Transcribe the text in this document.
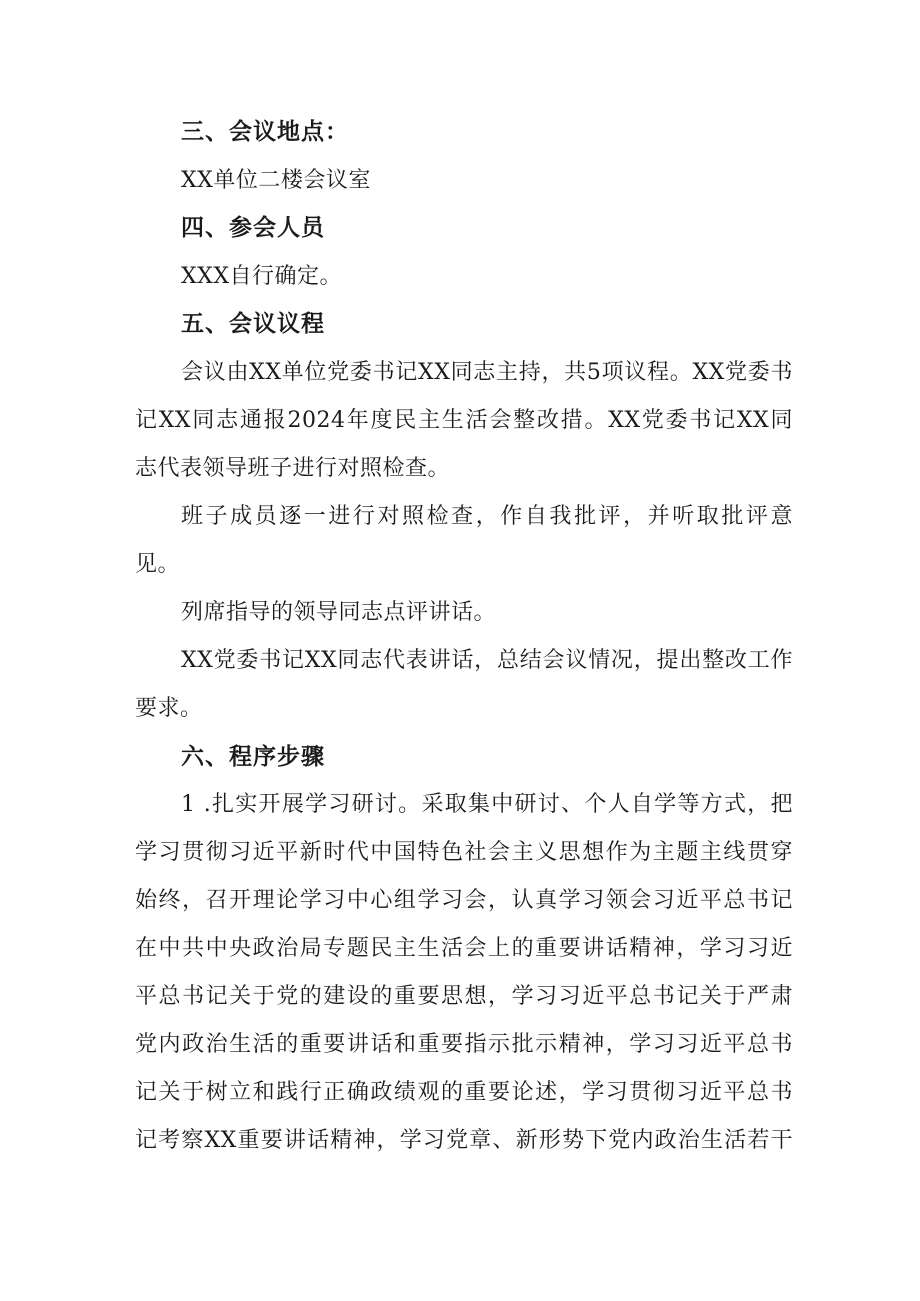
三、会议地点：
XX单位二楼会议室
四、参会人员
XXX自行确定。
五、会议议程
会议由XX单位党委书记XX同志主持，共5项议程。XX党委书
记XX同志通报2024年度民主生活会整改措。XX党委书记XX同
志代表领导班子进行对照检查。
班子成员逐一进行对照检查，作自我批评，并听取批评意
见。
列席指导的领导同志点评讲话。
XX党委书记XX同志代表讲话，总结会议情况，提出整改工作
要求。
六、程序步骤
1 .扎实开展学习研讨。采取集中研讨、个人自学等方式，把
学习贯彻习近平新时代中国特色社会主义思想作为主题主线贯穿
始终，召开理论学习中心组学习会，认真学习领会习近平总书记
在中共中央政治局专题民主生活会上的重要讲话精神，学习习近
平总书记关于党的建设的重要思想，学习习近平总书记关于严肃
党内政治生活的重要讲话和重要指示批示精神，学习习近平总书
记关于树立和践行正确政绩观的重要论述，学习贯彻习近平总书
记考察XX重要讲话精神，学习党章、新形势下党内政治生活若干
